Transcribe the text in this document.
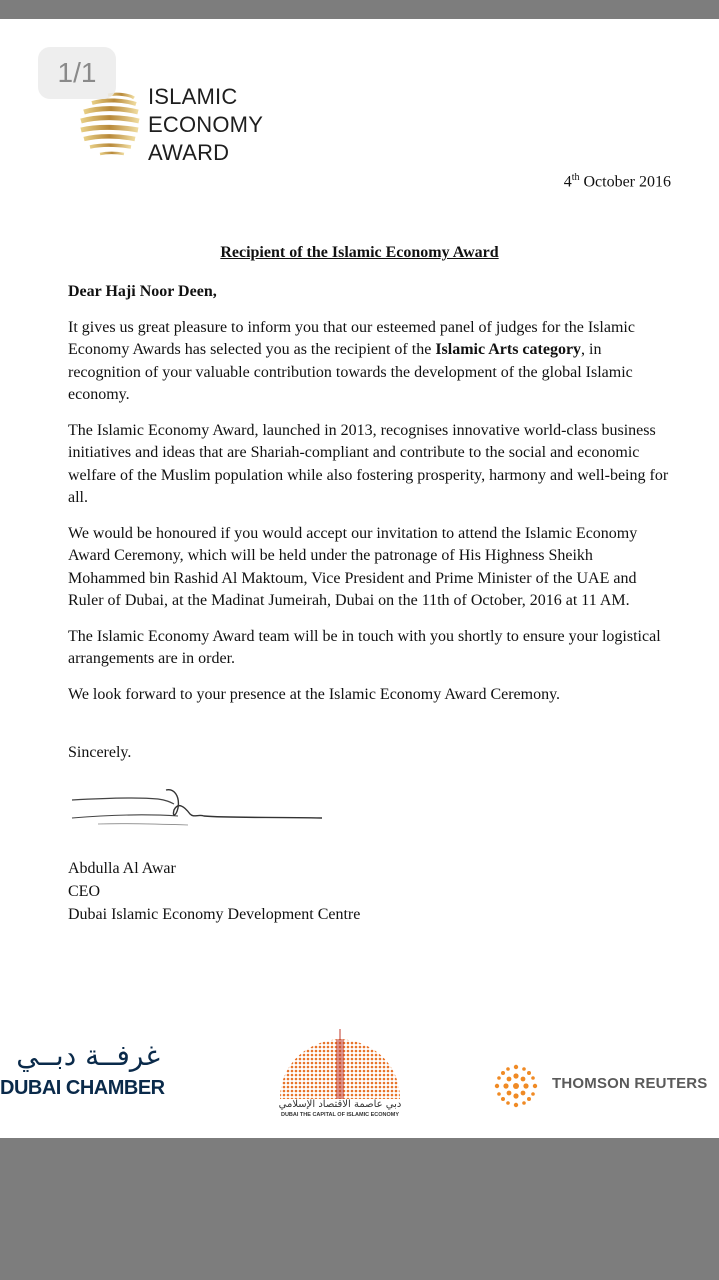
ISLAMIC
ECONOMY
AWARD
1/1
4th October 2016
Recipient of the Islamic Economy Award

Dear Haji Noor Deen,

It gives us great pleasure to inform you that our esteemed panel of judges for the Islamic Economy Awards has selected you as the recipient of the Islamic Arts category, in recognition of your valuable contribution towards the development of the global Islamic economy.

The Islamic Economy Award, launched in 2013, recognises innovative world-class business initiatives and ideas that are Shariah-compliant and contribute to the social and economic welfare of the Muslim population while also fostering prosperity, harmony and well-being for all.

We would be honoured if you would accept our invitation to attend the Islamic Economy Award Ceremony, which will be held under the patronage of His Highness Sheikh Mohammed bin Rashid Al Maktoum, Vice President and Prime Minister of the UAE and Ruler of Dubai, at the Madinat Jumeirah, Dubai on the 11th of October, 2016 at 11 AM.

The Islamic Economy Award team will be in touch with you shortly to ensure your logistical arrangements are in order.

We look forward to your presence at the Islamic Economy Award Ceremony.

Sincerely.
Abdulla Al Awar
CEO
Dubai Islamic Economy Development Centre
غرفــة دبــي
DUBAI CHAMBER
دبي عاصمة الاقتصاد الإسلامي
DUBAI THE CAPITAL OF ISLAMIC ECONOMY
THOMSON REUTERS
